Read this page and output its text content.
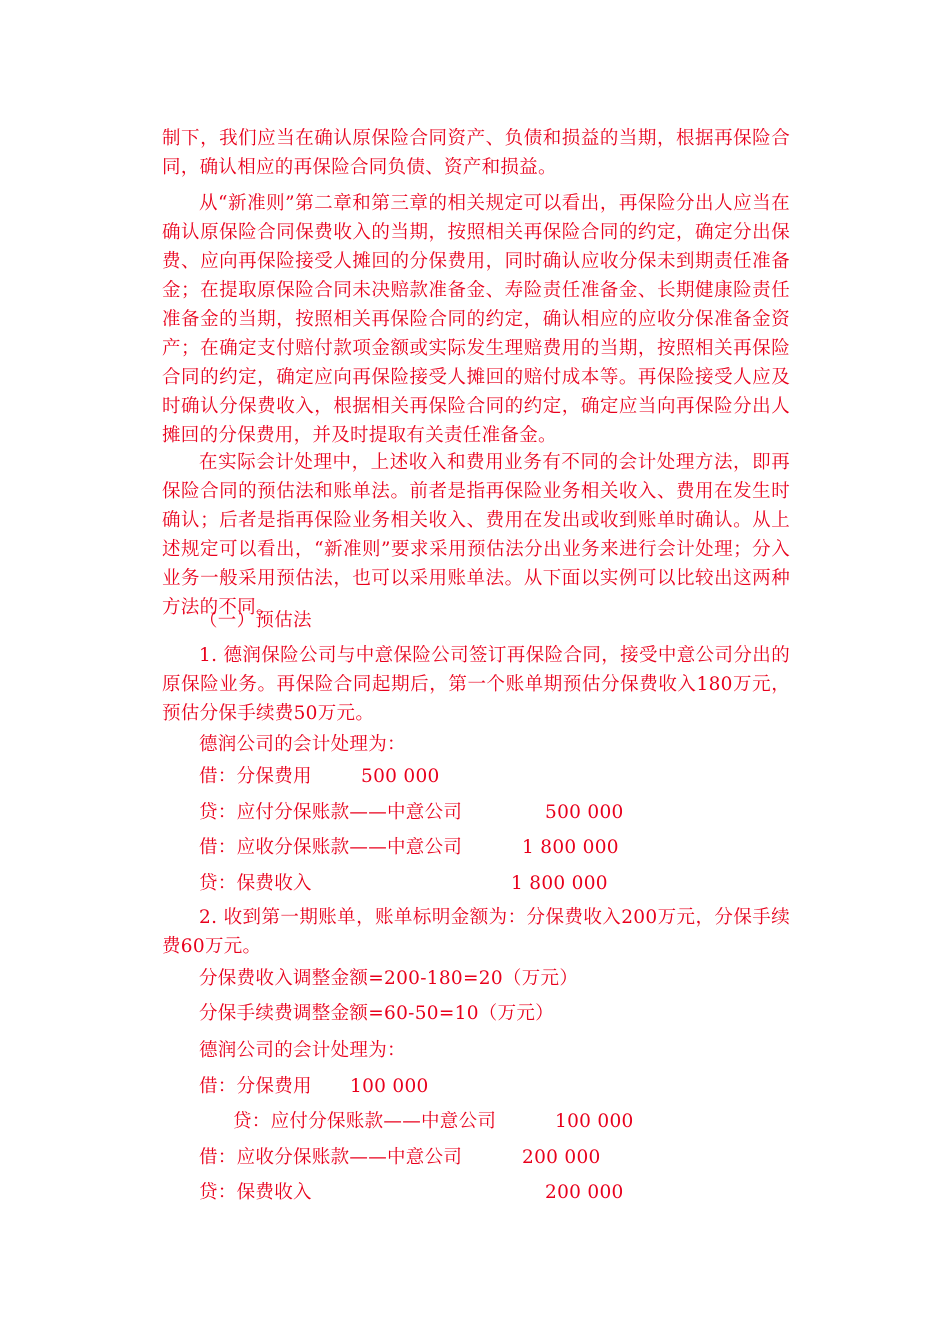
制下，我们应当在确认原保险合同资产、负债和损益的当期，根据再保险合同，确认相应的再保险合同负债、资产和损益。

从“新准则”第二章和第三章的相关规定可以看出，再保险分出人应当在确认原保险合同保费收入的当期，按照相关再保险合同的约定，确定分出保费、应向再保险接受人摊回的分保费用，同时确认应收分保未到期责任准备金；在提取原保险合同未决赔款准备金、寿险责任准备金、长期健康险责任准备金的当期，按照相关再保险合同的约定，确认相应的应收分保准备金资产；在确定支付赔付款项金额或实际发生理赔费用的当期，按照相关再保险合同的约定，确定应向再保险接受人摊回的赔付成本等。再保险接受人应及时确认分保费收入，根据相关再保险合同的约定，确定应当向再保险分出人摊回的分保费用，并及时提取有关责任准备金。

在实际会计处理中，上述收入和费用业务有不同的会计处理方法，即再保险合同的预估法和账单法。前者是指再保险业务相关收入、费用在发生时确认；后者是指再保险业务相关收入、费用在发出或收到账单时确认。从上述规定可以看出，“新准则”要求采用预估法分出业务来进行会计处理；分入业务一般采用预估法，也可以采用账单法。从下面以实例可以比较出这两种方法的不同。

（一）预估法

1. 德润保险公司与中意保险公司签订再保险合同，接受中意公司分出的原保险业务。再保险合同起期后，第一个账单期预估分保费收入180万元，预估分保手续费50万元。

德润公司的会计处理为：
借：分保费用	500 000
贷：应付分保账款——中意公司	500 000
借：应收分保账款——中意公司	1 800 000
贷：保费收入	1 800 000

2. 收到第一期账单，账单标明金额为：分保费收入200万元，分保手续费60万元。

分保费收入调整金额=200-180=20（万元）
分保手续费调整金额=60-50=10（万元）
德润公司的会计处理为：
借：分保费用 100 000
贷：应付分保账款——中意公司	100 000
借：应收分保账款——中意公司	200 000
贷：保费收入	200 000
